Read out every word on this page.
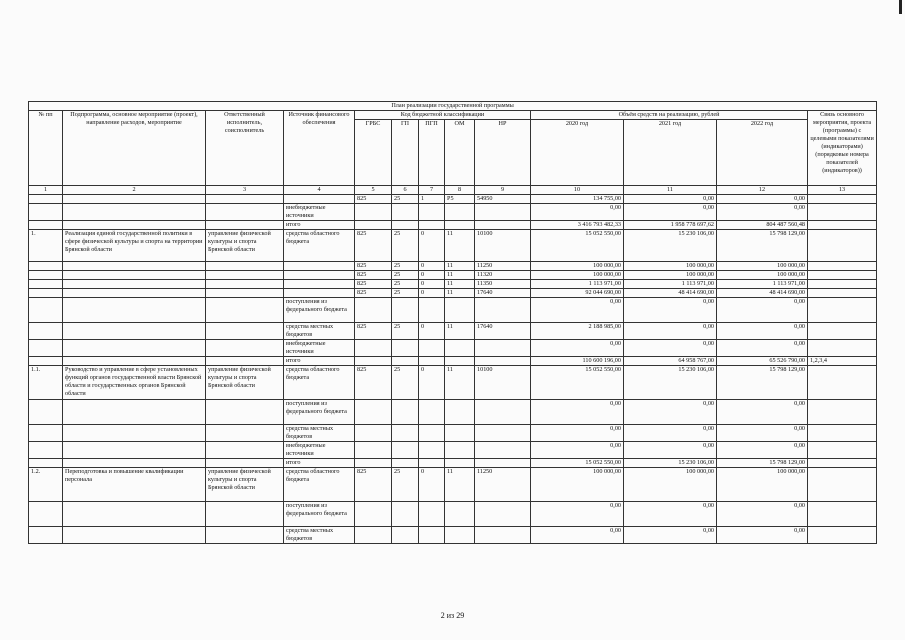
План реализации государственной программы												
№ пп	Подпрограмма, основное мероприятие (проект), направление расходов, мероприятие	Ответственный исполнитель, соисполнитель	Источник финансового обеспечения	Код бюджетной классификации					Объём средств на реализацию, рублей			Связь основного мероприятия, проекта (программы) с целевыми показателями (индикаторами) (порядковые номера показателей (индикаторов))
				ГРБС	ГП	ПГП	ОМ	НР	2020 год	2021 год	2022 год	
1	2	3	4	5	6	7	8	9	10	11	12	13
				825	25	1	P5	54950	134 755,00	0,00	0,00	
			внебюджетные источники						0,00	0,00	0,00	
			итого						3 416 793 482,33	1 958 778 697,62	804 487 560,48	
1.	Реализация единой государственной политики в сфере физической культуры и спорта на территории Брянской области	управление физической культуры и спорта Брянской области	средства областного бюджета	825	25	0	11	10100	15 052 550,00	15 230 106,00	15 798 129,00	
				825	25	0	11	11250	100 000,00	100 000,00	100 000,00	
				825	25	0	11	11320	100 000,00	100 000,00	100 000,00	
				825	25	0	11	11350	1 113 971,00	1 113 971,00	1 113 971,00	
				825	25	0	11	17640	92 044 690,00	48 414 690,00	48 414 690,00	
			поступления из федерального бюджета						0,00	0,00	0,00	
			средства местных бюджетов	825	25	0	11	17640	2 188 985,00	0,00	0,00	
			внебюджетные источники						0,00	0,00	0,00	
			итого						110 600 196,00	64 958 767,00	65 526 790,00	1,2,3,4
1.1.	Руководство и управление в сфере установленных функций органов государственной власти Брянской области и государственных органов Брянской области	управление физической культуры и спорта Брянской области	средства областного бюджета	825	25	0	11	10100	15 052 550,00	15 230 106,00	15 798 129,00	
			поступления из федерального бюджета						0,00	0,00	0,00	
			средства местных бюджетов						0,00	0,00	0,00	
			внебюджетные источники						0,00	0,00	0,00	
			итого						15 052 550,00	15 230 106,00	15 798 129,00	
1.2.	Переподготовка и повышение квалификации персонала	управление физической культуры и спорта Брянской области	средства областного бюджета	825	25	0	11	11250	100 000,00	100 000,00	100 000,00	
			поступления из федерального бюджета						0,00	0,00	0,00	
			средства местных бюджетов						0,00	0,00	0,00	
2 из 29
